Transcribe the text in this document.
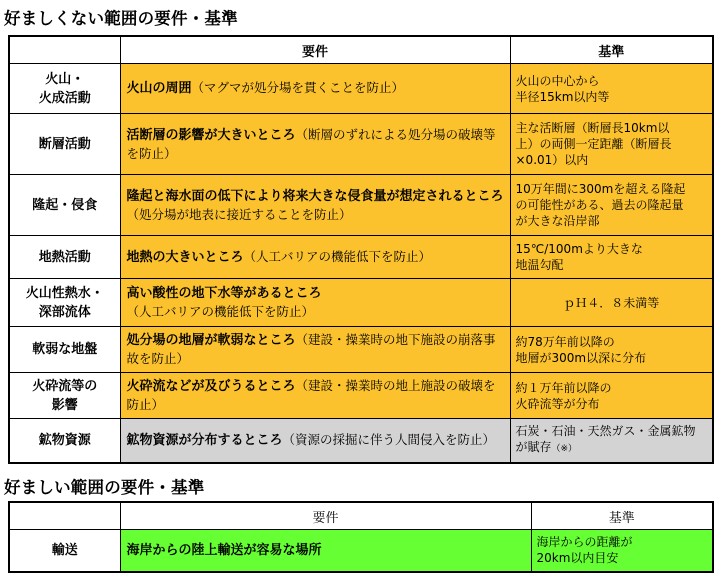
好ましくない範囲の要件・基準
	要件	基準
火山・
火成活動	火山の周囲（マグマが処分場を貫くことを防止）	火山の中心から
半径15km以内等
断層活動	活断層の影響が大きいところ（断層のずれによる処分場の破壊等を防止）	主な活断層（断層長10km以
上）の両側一定距離（断層長
×0.01）以内
隆起・侵食	隆起と海水面の低下により将来大きな侵食量が想定されるところ（処分場が地表に接近することを防止）	10万年間に300mを超える隆起
の可能性がある、過去の隆起量
が大きな沿岸部
地熱活動	地熱の大きいところ（人工バリアの機能低下を防止）	15℃/100mより大きな
地温勾配
火山性熱水・
深部流体	高い酸性の地下水等があるところ（人工バリアの機能低下を防止）	ｐＨ４．８未満等
軟弱な地盤	処分場の地層が軟弱なところ（建設・操業時の地下施設の崩落事故を防止）	約78万年前以降の
地層が300m以深に分布
火砕流等の
影響	火砕流などが及びうるところ（建設・操業時の地上施設の破壊を防止）	約１万年前以降の
火砕流等が分布
鉱物資源	鉱物資源が分布するところ（資源の採掘に伴う人間侵入を防止）	石炭・石油・天然ガス・金属鉱物
が賦存（※）
好ましい範囲の要件・基準
	要件	基準
輸送	海岸からの陸上輸送が容易な場所	海岸からの距離が
20km以内目安
